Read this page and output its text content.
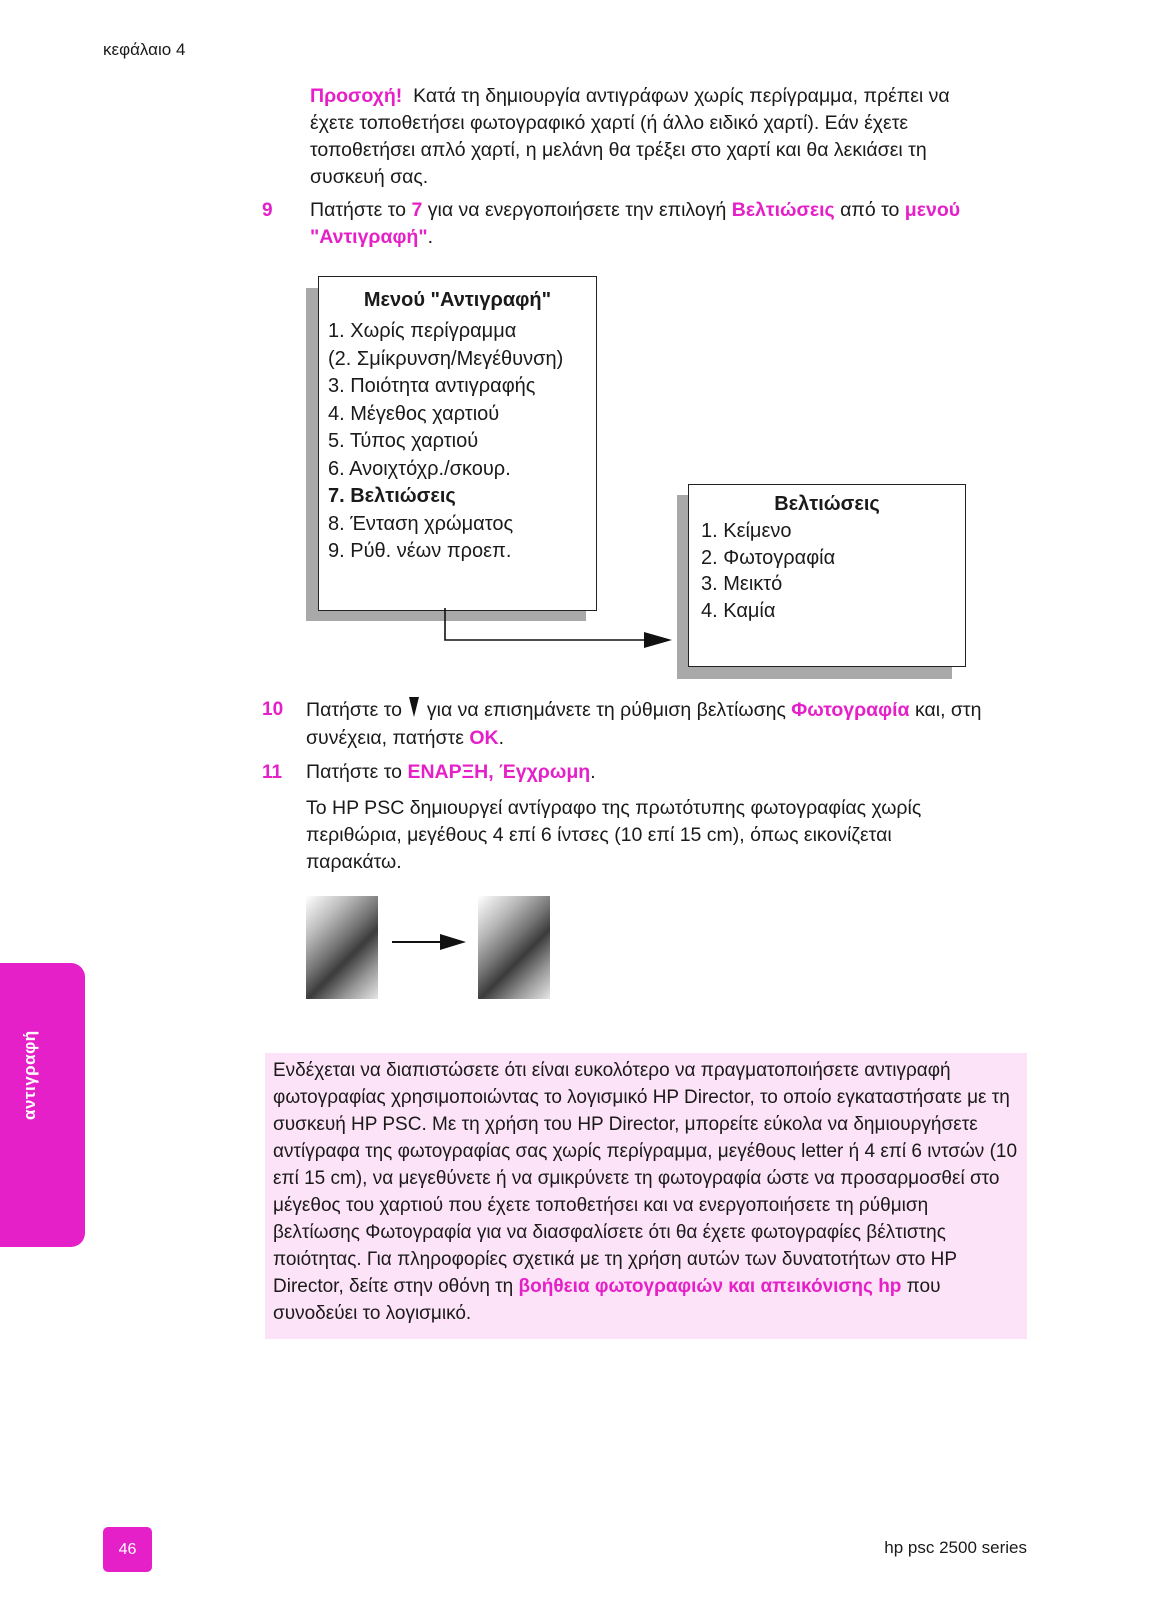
κεφάλαιο 4
Προσοχή! Κατά τη δημιουργία αντιγράφων χωρίς περίγραμμα, πρέπει να έχετε τοποθετήσει φωτογραφικό χαρτί (ή άλλο ειδικό χαρτί). Εάν έχετε τοποθετήσει απλό χαρτί, η μελάνη θα τρέξει στο χαρτί και θα λεκιάσει τη συσκευή σας.
9 Πατήστε το 7 για να ενεργοποιήσετε την επιλογή Βελτιώσεις από το μενού "Αντιγραφή".
Μενού "Αντιγραφή"
1. Χωρίς περίγραμμα
(2. Σμίκρυνση/Μεγέθυνση)
3. Ποιότητα αντιγραφής
4. Μέγεθος χαρτιού
5. Τύπος χαρτιού
6. Ανοιχτόχρ./σκουρ.
7. Βελτιώσεις
8. Ένταση χρώματος
9. Ρύθ. νέων προεπ.
Βελτιώσεις
1. Κείμενο
2. Φωτογραφία
3. Μεικτό
4. Καμία
10 Πατήστε το  για να επισημάνετε τη ρύθμιση βελτίωσης Φωτογραφία και, στη συνέχεια, πατήστε OK.
11 Πατήστε το ΕΝΑΡΞΗ, Έγχρωμη.
Το HP PSC δημιουργεί αντίγραφο της πρωτότυπης φωτογραφίας χωρίς περιθώρια, μεγέθους 4 επί 6 ίντσες (10 επί 15 cm), όπως εικονίζεται παρακάτω.
αντιγραφή	Ενδέχεται να διαπιστώσετε ότι είναι ευκολότερο να πραγματοποιήσετε αντιγραφή φωτογραφίας χρησιμοποιώντας το λογισμικό HP Director, το οποίο εγκαταστήσατε με τη συσκευή HP PSC. Με τη χρήση του HP Director, μπορείτε εύκολα να δημιουργήσετε αντίγραφα της φωτογραφίας σας χωρίς περίγραμμα, μεγέθους letter ή 4 επί 6 ιντσών (10 επί 15 cm), να μεγεθύνετε ή να σμικρύνετε τη φωτογραφία ώστε να προσαρμοσθεί στο μέγεθος του χαρτιού που έχετε τοποθετήσει και να ενεργοποιήσετε τη ρύθμιση βελτίωσης Φωτογραφία για να διασφαλίσετε ότι θα έχετε φωτογραφίες βέλτιστης ποιότητας. Για πληροφορίες σχετικά με τη χρήση αυτών των δυνατοτήτων στο HP Director, δείτε στην οθόνη τη βοήθεια φωτογραφιών και απεικόνισης hp που συνοδεύει το λογισμικό.
46	hp psc 2500 series
